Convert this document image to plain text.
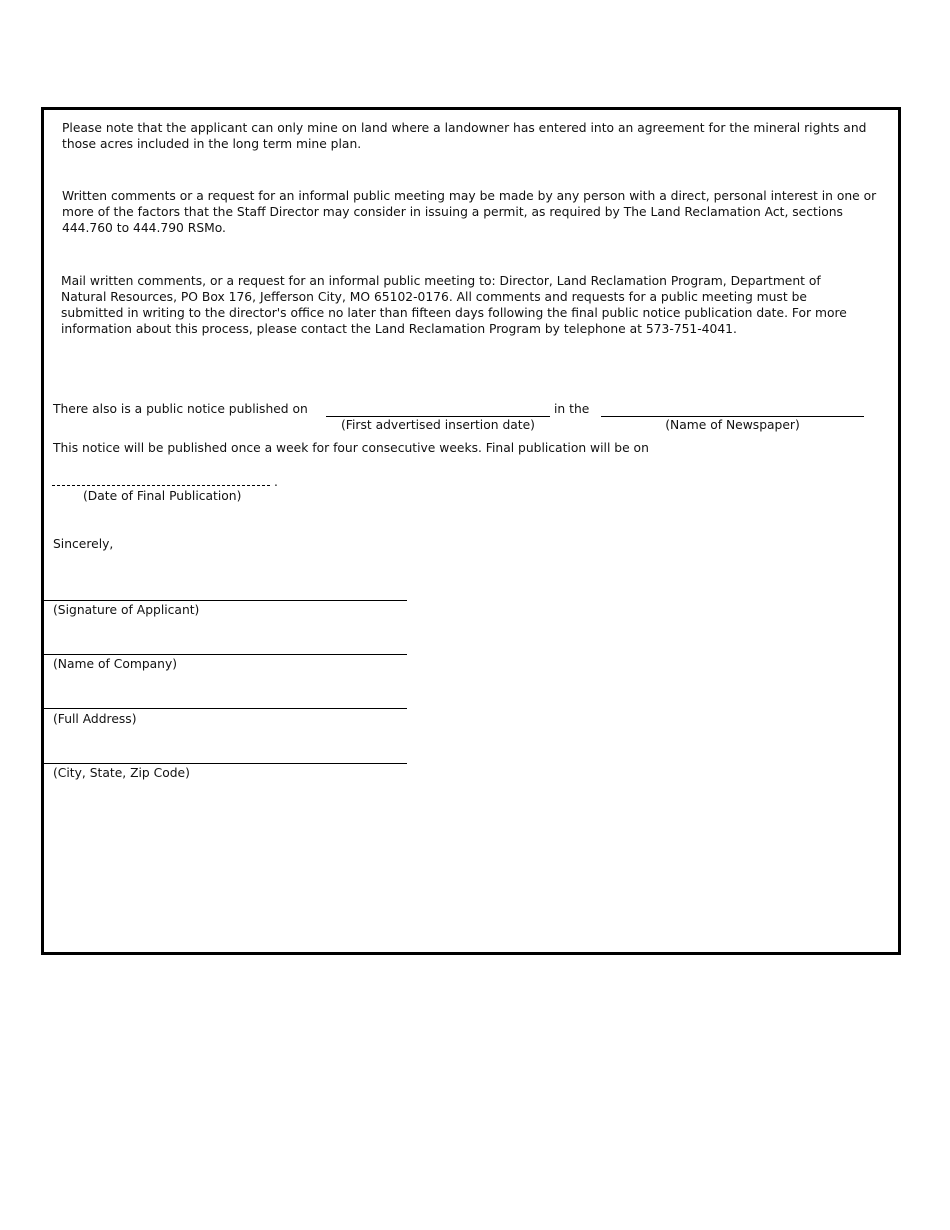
Please note that the applicant can only mine on land where a landowner has entered into an agreement for the mineral rights and those acres included in the long term mine plan.

Written comments or a request for an informal public meeting may be made by any person with a direct, personal interest in one or more of the factors that the Staff Director may consider in issuing a permit, as required by The Land Reclamation Act, sections 444.760 to 444.790 RSMo.

Mail written comments, or a request for an informal public meeting to: Director, Land Reclamation Program, Department of Natural Resources, PO Box 176, Jefferson City, MO 65102-0176. All comments and requests for a public meeting must be submitted in writing to the director's office no later than fifteen days following the final public notice publication date. For more information about this process, please contact the Land Reclamation Program by telephone at 573-751-4041.

There also is a public notice published on	in the
(First advertised insertion date)	(Name of Newspaper)
This notice will be published once a week for four consecutive weeks. Final publication will be on
.
(Date of Final Publication)
Sincerely,
(Signature of Applicant)
(Name of Company)
(Full Address)
(City, State, Zip Code)
